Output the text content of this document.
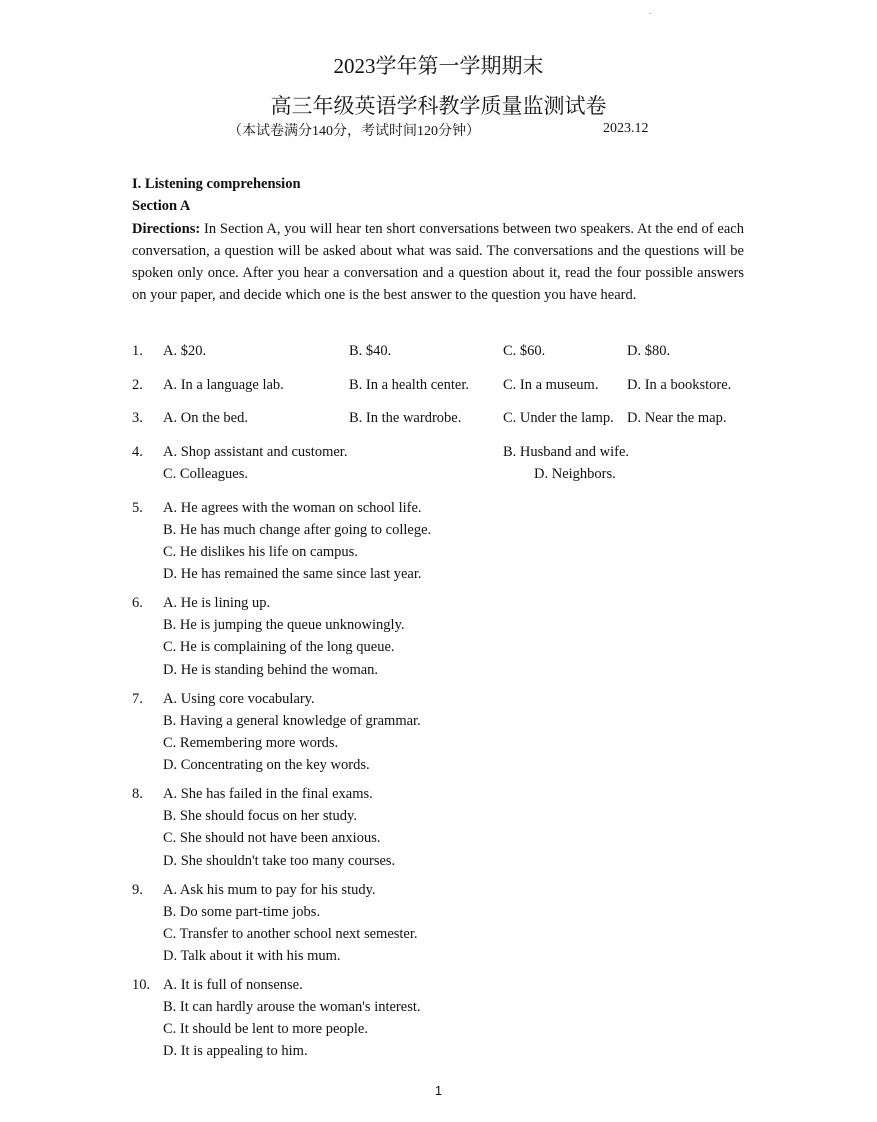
.
2023学年第一学期期末
高三年级英语学科教学质量监测试卷
（本试卷满分140分，考试时间120分钟）	2023.12
I. Listening comprehension
Section A

Directions: In Section A, you will hear ten short conversations between two speakers. At the end of each conversation, a question will be asked about what was said. The conversations and the questions will be spoken only once. After you hear a conversation and a question about it, read the four possible answers on your paper, and decide which one is the best answer to the question you have heard.

1. A. $20.	B. $40.	C. $60.	D. $80.
2. A. In a language lab.	B. In a health center. C. In a museum. D. In a bookstore.
3. A. On the bed.	B. In the wardrobe.	C. Under the lamp. D. Near the map.
4. A. Shop assistant and customer.	B. Husband and wife.
C. Colleagues.	D. Neighbors.
5. A. He agrees with the woman on school life.
B. He has much change after going to college.
C. He dislikes his life on campus.
D. He has remained the same since last year.
6. A. He is lining up.
B. He is jumping the queue unknowingly.
C. He is complaining of the long queue.
D. He is standing behind the woman.
7. A. Using core vocabulary.
B. Having a general knowledge of grammar.
C. Remembering more words.
D. Concentrating on the key words.
8. A. She has failed in the final exams.
B. She should focus on her study.
C. She should not have been anxious.
D. She shouldn't take too many courses.
9. A. Ask his mum to pay for his study.
B. Do some part-time jobs.
C. Transfer to another school next semester.
D. Talk about it with his mum.
10. A. It is full of nonsense.
B. It can hardly arouse the woman's interest.
C. It should be lent to more people.
D. It is appealing to him.
1
